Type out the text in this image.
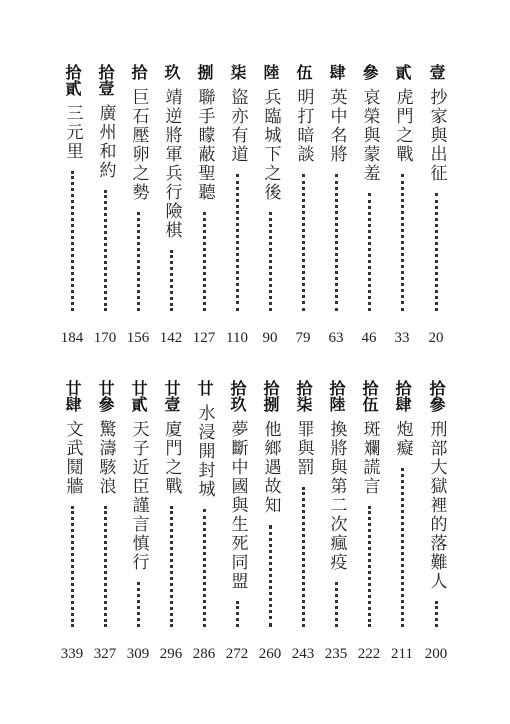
壹
抄家與出征
20
貳
虎門之戰
33
參
哀榮與蒙羞
46
肆
英中名將
63
伍
明打暗談
79
陸
兵臨城下之後
90
柒
盜亦有道
110
捌
聯手矇蔽聖聽
127
玖
靖逆將軍兵行險棋
142
拾
巨石壓卵之勢
156
拾壹
廣州和約
170
拾貳
三元里
184
拾參
刑部大獄裡的落難人
200
拾肆
炮癡
211
拾伍
斑斕謊言
222
拾陸
換將與第二次瘋疫
235
拾柒
罪與罰
243
拾捌
他鄉遇故知
260
拾玖
夢斷中國與生死同盟
272
廿
水浸開封城
286
廿壹
廈門之戰
296
廿貳
天子近臣謹言慎行
309
廿參
驚濤駭浪
327
廿肆
文武鬩牆
339
